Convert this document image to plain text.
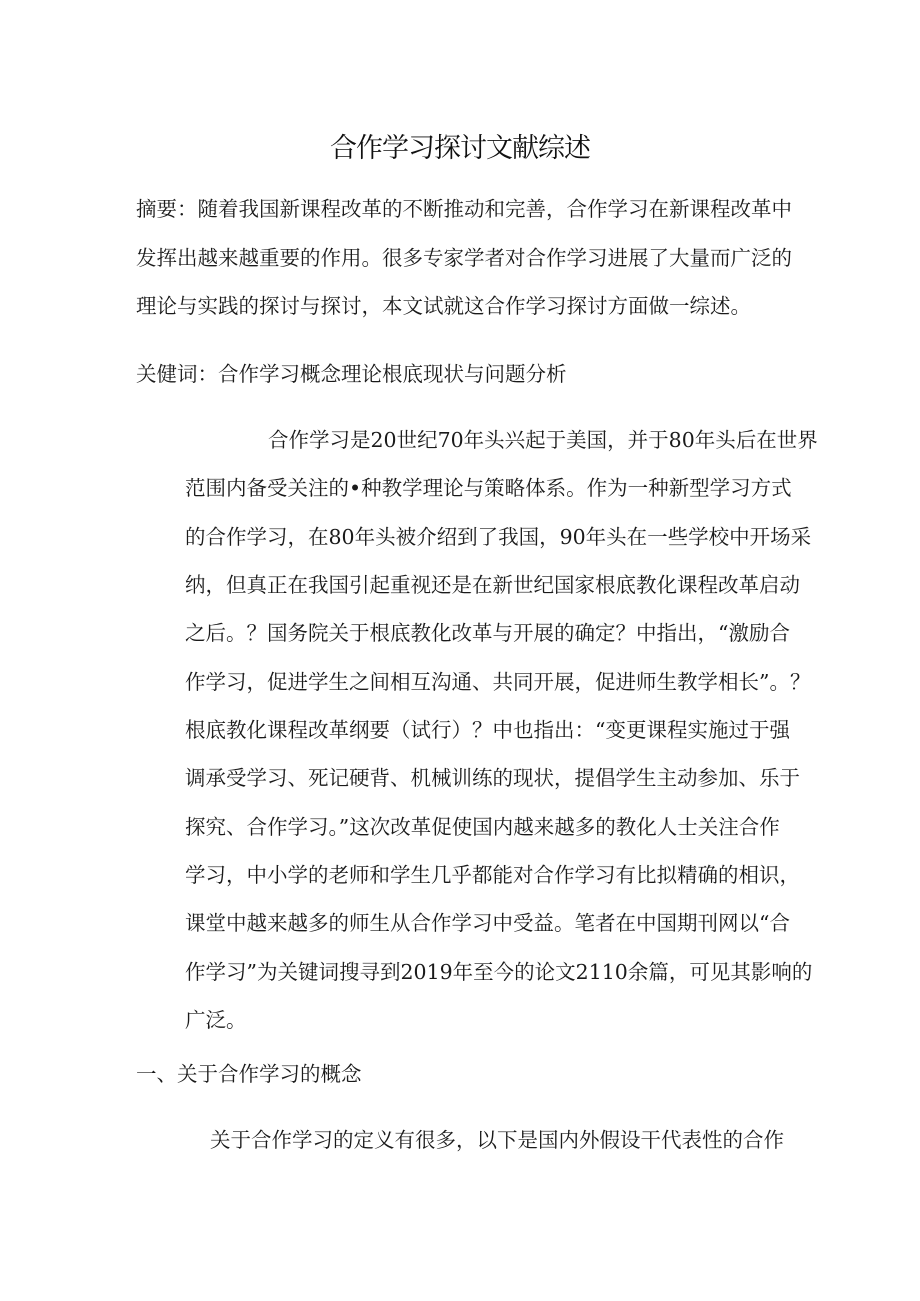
合作学习探讨文献综述
摘要：随着我国新课程改革的不断推动和完善，合作学习在新课程改革中
发挥出越来越重要的作用。很多专家学者对合作学习进展了大量而广泛的
理论与实践的探讨与探讨，本文试就这合作学习探讨方面做一综述。
关健词：合作学习概念理论根底现状与问题分析
合作学习是20世纪70年头兴起于美国，并于80年头后在世界
范围内备受关注的•种教学理论与策略体系。作为一种新型学习方式
的合作学习，在80年头被介绍到了我国，90年头在一些学校中开场采
纳，但真正在我国引起重视还是在新世纪国家根底教化课程改革启动
之后。？国务院关于根底教化改革与开展的确定？中指出，“激励合
作学习，促进学生之间相互沟通、共同开展，促进师生教学相长”。？
根底教化课程改革纲要（试行）？中也指出：“变更课程实施过于强
调承受学习、死记硬背、机械训练的现状，提倡学生主动参加、乐于
探究、合作学习。”这次改革促使国内越来越多的教化人士关注合作
学习，中小学的老师和学生几乎都能对合作学习有比拟精确的相识，
课堂中越来越多的师生从合作学习中受益。笔者在中国期刊网以“合
作学习”为关键词搜寻到2019年至今的论文2110余篇，可见其影响的
广泛。
一、关于合作学习的概念
关于合作学习的定义有很多，以下是国内外假设干代表性的合作
